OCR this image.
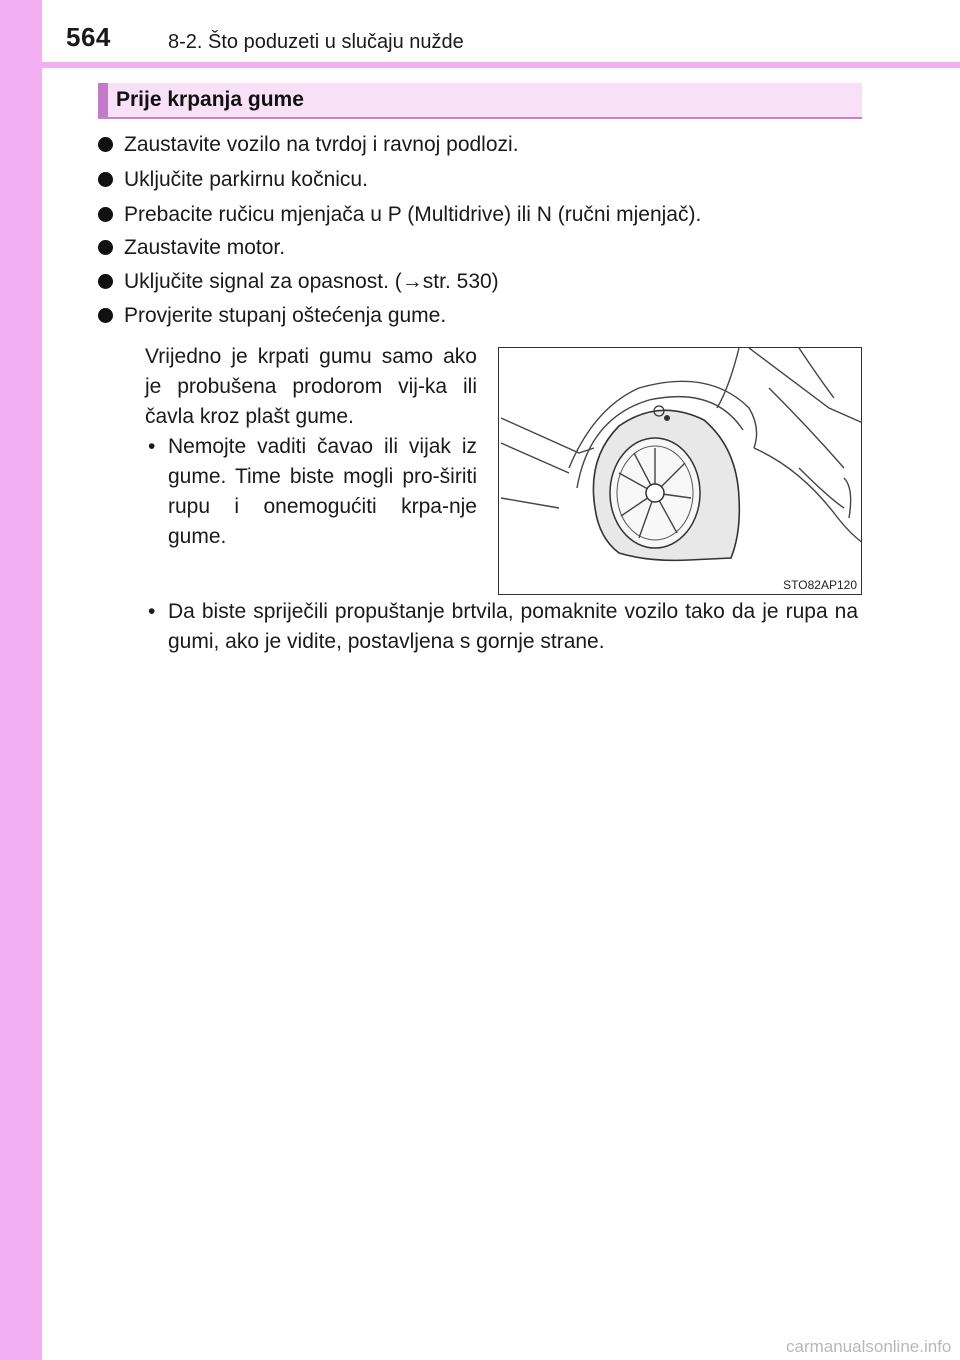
564	8-2. Što poduzeti u slučaju nužde
Prije krpanja gume
Zaustavite vozilo na tvrdoj i ravnoj podlozi.
Uključite parkirnu kočnicu.
Prebacite ručicu mjenjača u P (Multidrive) ili N (ručni mjenjač).
Zaustavite motor.
Uključite signal za opasnost. (→str. 530)
Provjerite stupanj oštećenja gume.
Vrijedno je krpati gumu samo ako je probušena prodorom vij-ka ili čavla kroz plašt gume.
• Nemojte vaditi čavao ili vijak iz gume. Time biste mogli pro-širiti rupu i onemogućiti krpa-nje gume.
• Da biste spriječili propuštanje brtvila, pomaknite vozilo tako da je rupa na gumi, ako je vidite, postavljena s gornje strane.
STO82AP120
carmanualsonline.info
